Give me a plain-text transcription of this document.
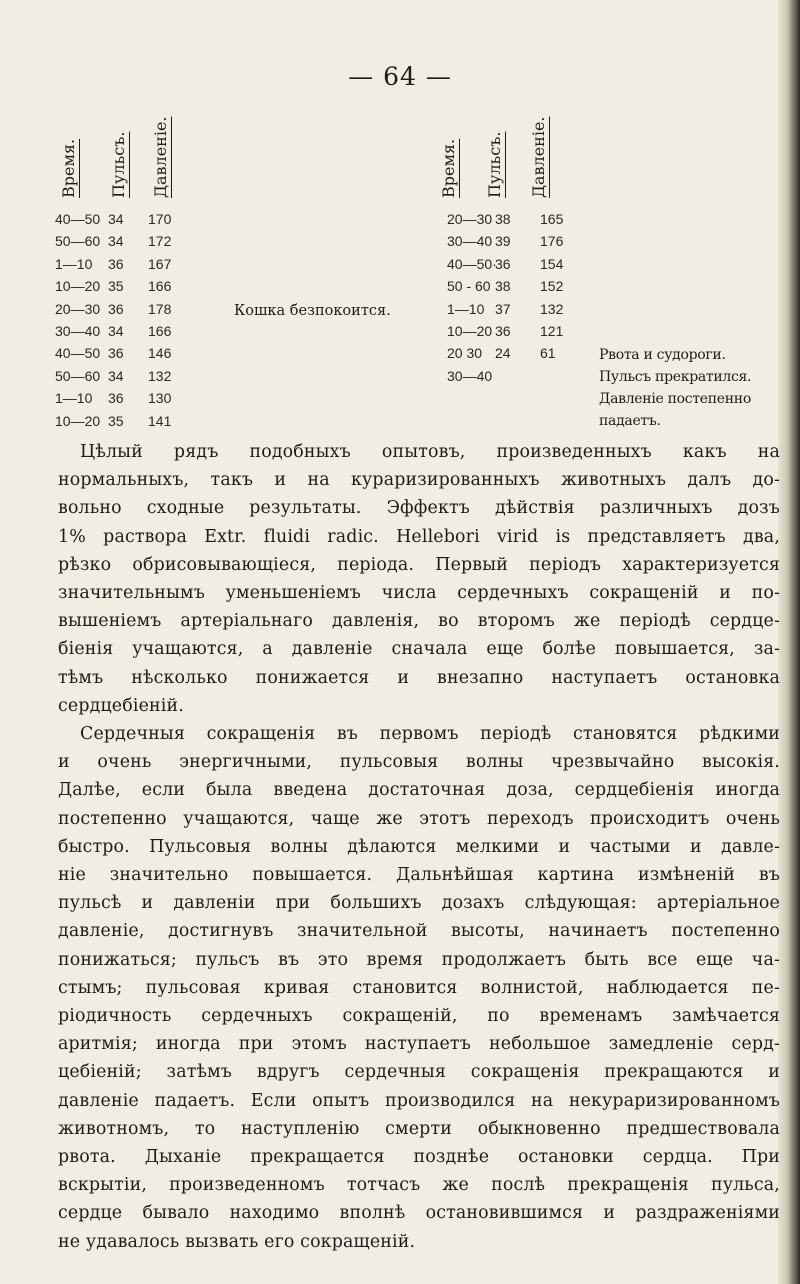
— 64 —
Время. Пульсъ. Давленіе.	Время. Пульсъ. Давленіе.
40—50 34 170
50—60 34 172
1—10 36 167
10—20 35 166
20—30 36 178
30—40 34 166
40—50 36 146
50—60 34 132
1—10 36 130
10—20 35 141
20—30 38 165
30—40 39 176
40—50·
36 154
50 - 60 38 152
1—10 37 132
10—20 36 121
20 30 24 61
30—40
Кошка безпокоится.
Рвота и судороги.
Пульсъ прекратился.
Давленіе постепенно
падаетъ.

Цѣлый рядъ подобныхъ опытовъ, произведенныхъ какъ на
нормальныхъ, такъ и на кураризированныхъ животныхъ далъ до-
вольно сходные результаты. Эффектъ дѣйствія различныхъ дозъ
1% раствора Extr. fluidi radic. Hellebori virid is представляетъ два,
рѣзко обрисовывающіеся, періода. Первый періодъ характеризуется
значительнымъ уменьшеніемъ числа сердечныхъ сокращеній и по-
вышеніемъ артеріальнаго давленія, во второмъ же періодѣ сердце-
біенія учащаются, а давленіе сначала еще болѣе повышается, за-
тѣмъ нѣсколько понижается и внезапно наступаетъ остановка
сердцебіеній.

Сердечныя сокращенія въ первомъ періодѣ становятся рѣдкими
и очень энергичными, пульсовыя волны чрезвычайно высокія.
Далѣе, если была введена достаточная доза, сердцебіенія иногда
постепенно учащаются, чаще же этотъ переходъ происходитъ очень
быстро. Пульсовыя волны дѣлаются мелкими и частыми и давле-
ніе значительно повышается. Дальнѣйшая картина измѣненій въ
пульсѣ и давленіи при большихъ дозахъ слѣдующая: артеріальное
давленіе, достигнувъ значительной высоты, начинаетъ постепенно
понижаться; пульсъ въ это время продолжаетъ быть все еще ча-
стымъ; пульсовая кривая становится волнистой, наблюдается пе-
ріодичность сердечныхъ сокращеній, по временамъ замѣчается
аритмія; иногда при этомъ наступаетъ небольшое замедленіе серд-
цебіеній; затѣмъ вдругъ сердечныя сокращенія прекращаются и
давленіе падаетъ. Если опытъ производился на некураризированномъ
животномъ, то наступленію смерти обыкновенно предшествовала
рвота. Дыханіе прекращается позднѣе остановки сердца. При
вскрытіи, произведенномъ тотчасъ же послѣ прекращенія пульса,
сердце бывало находимо вполнѣ остановившимся и раздраженіями
не удавалось вызвать его сокращеній.
